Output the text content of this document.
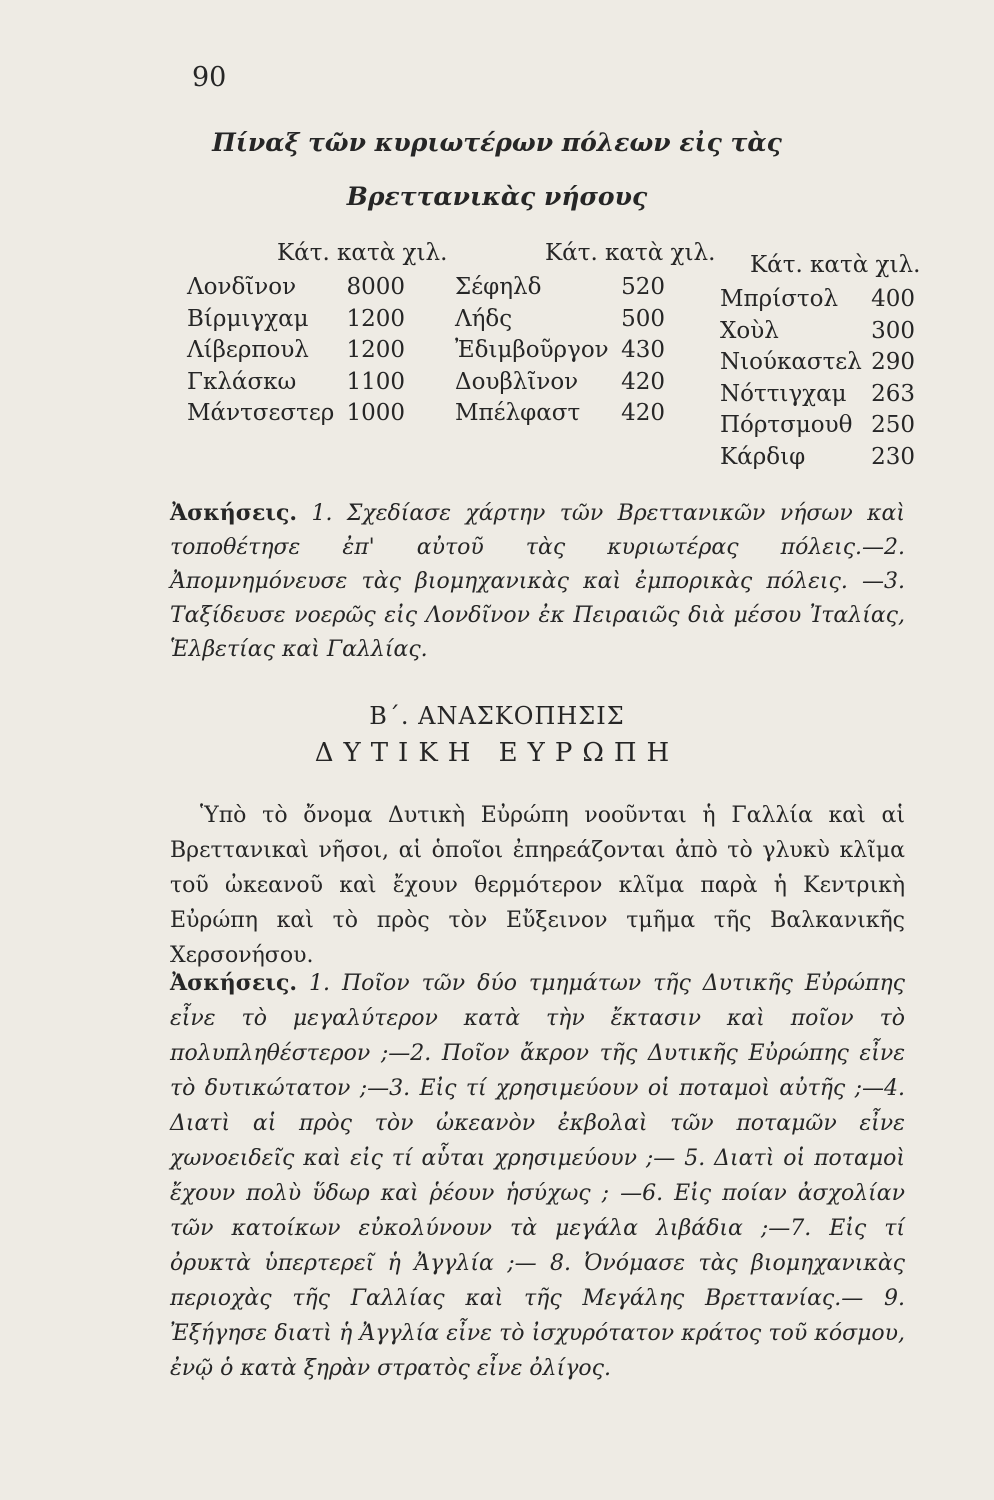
90
Πίναξ τῶν κυριωτέρων πόλεων εἰς τὰς
Βρεττανικὰς νήσους
Κάτ. κατὰ χιλ.
Λονδῖνον 8000
Βίρμιγχαμ 1200
Λίβερπουλ 1200
Γκλάσκω 1100
Μάντσεστερ 1000
Κάτ. κατὰ χιλ.
Σέφηλδ	520
Λήδς	500
Ἐδιμβοῦργον 430
Δουβλῖνον 420
Μπέλφαστ 420
Κάτ. κατὰ χιλ.
Μπρίστολ 400
Χοὺλ	300
Νιούκαστελ 290
Νόττιγχαμ 263
Πόρτσμουθ 250
Κάρδιφ	230
Ἀσκήσεις. 1. Σχεδίασε χάρτην τῶν Βρεττανικῶν νήσων καὶ τοποθέτησε ἐπ' αὐτοῦ τὰς κυριωτέρας πόλεις.—2. Ἀπομνημόνευσε τὰς βιομηχανικὰς καὶ ἐμπορικὰς πόλεις. —3. Ταξίδευσε νοερῶς εἰς Λονδῖνον ἐκ Πειραιῶς διὰ μέσου Ἰταλίας, Ἑλβετίας καὶ Γαλλίας.
Β΄. ΑΝΑΣΚΟΠΗΣΙΣ
ΔΥΤΙΚΗ ΕΥΡΩΠΗ
Ὑπὸ τὸ ὄνομα Δυτικὴ Εὐρώπη νοοῦνται ἡ Γαλλία καὶ αἱ Βρεττανικαὶ νῆσοι, αἱ ὁποῖοι ἐπηρεάζονται ἀπὸ τὸ γλυκὺ κλῖμα τοῦ ὠκεανοῦ καὶ ἔχουν θερμότερον κλῖμα παρὰ ἡ Κεντρικὴ Εὐρώπη καὶ τὸ πρὸς τὸν Εὔξεινον τμῆμα τῆς Βαλκανικῆς Χερσονήσου.
Ἀσκήσεις. 1. Ποῖον τῶν δύο τμημάτων τῆς Δυτικῆς Εὐρώπης εἶνε τὸ μεγαλύτερον κατὰ τὴν ἔκτασιν καὶ ποῖον τὸ πολυπληθέστερον ;—2. Ποῖον ἄκρον τῆς Δυτικῆς Εὐρώπης εἶνε τὸ δυτικώτατον ;—3. Εἰς τί χρησιμεύουν οἱ ποταμοὶ αὐτῆς ;—4. Διατὶ αἱ πρὸς τὸν ὠκεανὸν ἐκβολαὶ τῶν ποταμῶν εἶνε χωνοειδεῖς καὶ εἰς τί αὗται χρησιμεύουν ;— 5. Διατὶ οἱ ποταμοὶ ἔχουν πολὺ ὕδωρ καὶ ῥέουν ἡσύχως ; —6. Εἰς ποίαν ἀσχολίαν τῶν κατοίκων εὐκολύνουν τὰ μεγάλα λιβάδια ;—7. Εἰς τί ὀρυκτὰ ὑπερτερεῖ ἡ Ἀγγλία ;— 8. Ὀνόμασε τὰς βιομηχανικὰς περιοχὰς τῆς Γαλλίας καὶ τῆς Μεγάλης Βρεττανίας.— 9. Ἐξήγησε διατὶ ἡ Ἀγγλία εἶνε τὸ ἰσχυρότατον κράτος τοῦ κόσμου, ἐνῷ ὁ κατὰ ξηρὰν στρατὸς εἶνε ὀλίγος.
